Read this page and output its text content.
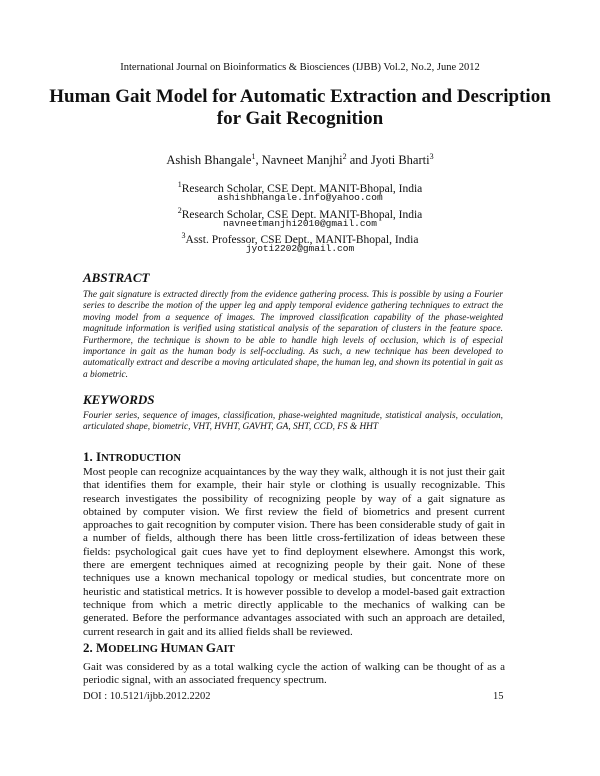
International Journal on Bioinformatics & Biosciences (IJBB) Vol.2, No.2, June 2012
Human Gait Model for Automatic Extraction and Description for Gait Recognition
Ashish Bhangale$^1$, Navneet Manjhi$^2$ and Jyoti Bharti$^3$
$^1$Research Scholar, CSE Dept. MANIT-Bhopal, India
ashishbhangale.info@yahoo.com
$^2$Research Scholar, CSE Dept. MANIT-Bhopal, India
navneetmanjhi2010@gmail.com
$^3$Asst. Professor, CSE Dept., MANIT-Bhopal, India
jyoti2202@gmail.com
ABSTRACT

The gait signature is extracted directly from the evidence gathering process. This is possible by using a Fourier series to describe the motion of the upper leg and apply temporal evidence gathering techniques to extract the moving model from a sequence of images. The improved classification capability of the phase-weighted magnitude information is verified using statistical analysis of the separation of clusters in the feature space. Furthermore, the technique is shown to be able to handle high levels of occlusion, which is of especial importance in gait as the human body is self-occluding. As such, a new technique has been developed to automatically extract and describe a moving articulated shape, the human leg, and shown its potential in gait as a biometric.

KEYWORDS

Fourier series, sequence of images, classification, phase-weighted magnitude, statistical analysis, occulation, articulated shape, biometric, VHT, HVHT, GAVHT, GA, SHT, CCD, FS & HHT

1. INTRODUCTION

Most people can recognize acquaintances by the way they walk, although it is not just their gait that identifies them for example, their hair style or clothing is usually recognizable. This research investigates the possibility of recognizing people by way of a gait signature as obtained by computer vision. We first review the field of biometrics and present current approaches to gait recognition by computer vision. There has been considerable study of gait in a number of fields, although there has been little cross-fertilization of ideas between these fields: psychological gait cues have yet to find deployment elsewhere. Amongst this work, there are emergent techniques aimed at recognizing people by their gait. None of these techniques use a known mechanical topology or medical studies, but concentrate more on heuristic and statistical metrics. It is however possible to develop a model-based gait extraction technique from which a metric directly applicable to the mechanics of walking can be generated. Before the performance advantages associated with such an approach are detailed, current research in gait and its allied fields shall be reviewed.

2. MODELING HUMAN GAIT

Gait was considered by as a total walking cycle the action of walking can be thought of as a periodic signal, with an associated frequency spectrum.

DOI : 10.5121/ijbb.2012.2202	15
